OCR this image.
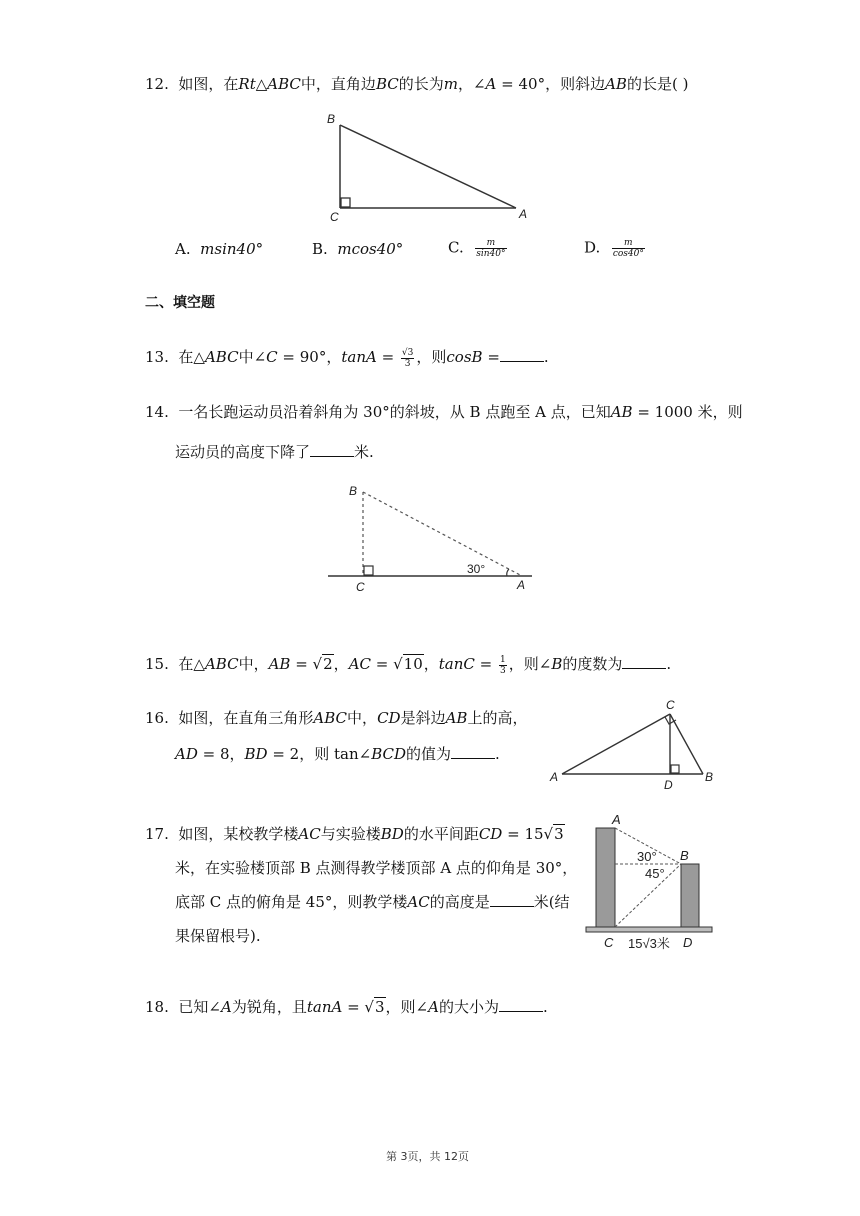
12. 如图，在Rt△ABC中，直角边BC的长为m，∠A = 40°，则斜边AB的长是( )
B
C	A
A. msin40°	B. mcos40°	C. $\frac{m}{\sin 40^\circ}$	D. $\frac{m}{\cos 40^\circ}$
二、填空题
13. 在△ABC中∠C = 90°，$\tan A = \frac{√3}{3}$ ，则cosB =	.
14. 一名长跑运动员沿着斜角为 30°的斜坡，从 B 点跑至 A 点，已知AB = 1000 米，则
运动员的高度下降了	米.
B
C	A
30°
15. 在△ABC中，AB = √2，AC = √10，$\tan C = \frac{1}{3}$ ，则∠B的度数为	.
16. 如图，在直角三角形ABC中，CD是斜边AB上的高，
AD = 8，BD = 2，则 tan∠BCD的值为	.
C
A
D
B
17. 如图，某校教学楼AC与实验楼BD的水平间距CD = 15√3
米，在实验楼顶部 B 点测得教学楼顶部 A 点的仰角是 30°，
底部 C 点的俯角是 45°，则教学楼AC的高度是	米(结
果保留根号).
A
B
C	D
30°
45°
15√3米
18. 已知∠A为锐角，且tanA = √3，则∠A的大小为	.
第 3页，共 12页
